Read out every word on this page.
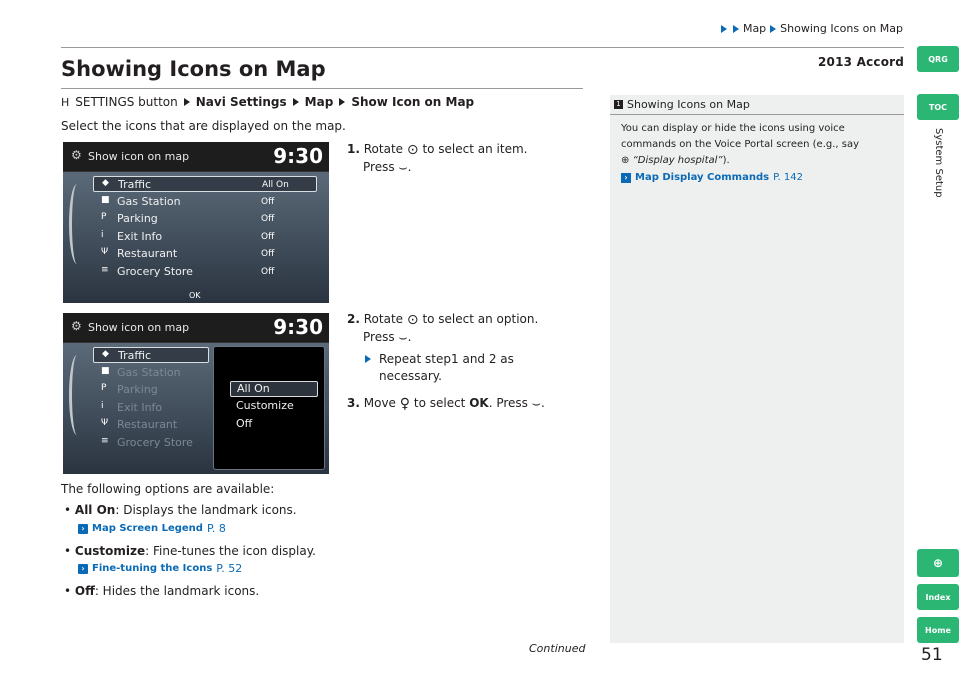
Map Showing Icons on Map
2013 Accord
Showing Icons on Map	QRG
TOC
System Setup
⊕
Index
Home
H SETTINGS button Navi Settings Map Show Icon on Map
Select the icons that are displayed on the map.
⚙ Show icon on map	9:30
◆ Traffic	All On
■ Gas Station	Off
P Parking	Off
i Exit Info	Off
Ψ Restaurant	Off
≡ Grocery Store	Off
OK
⚙ Show icon on map	9:30
◆ Traffic
■ Gas Station
P Parking
i Exit Info
Ψ Restaurant
≡ Grocery Store
All On
Customize
Off
1. Rotate ⊙ to select an item.
Press ⌣.
2. Rotate ⊙ to select an option.
Press ⌣.
Repeat step1 and 2 as necessary.
3. Move ♀ to select OK. Press ⌣.
The following options are available:
• All On: Displays the landmark icons.
› Map Screen Legend P. 8
• Customize: Fine-tunes the icon display.
› Fine-tuning the Icons P. 52
• Off: Hides the landmark icons.
Continued	51
1 Showing Icons on Map
You can display or hide the icons using voice commands on the Voice Portal screen (e.g., say
⊕ “Display hospital”).
› Map Display Commands P. 142
